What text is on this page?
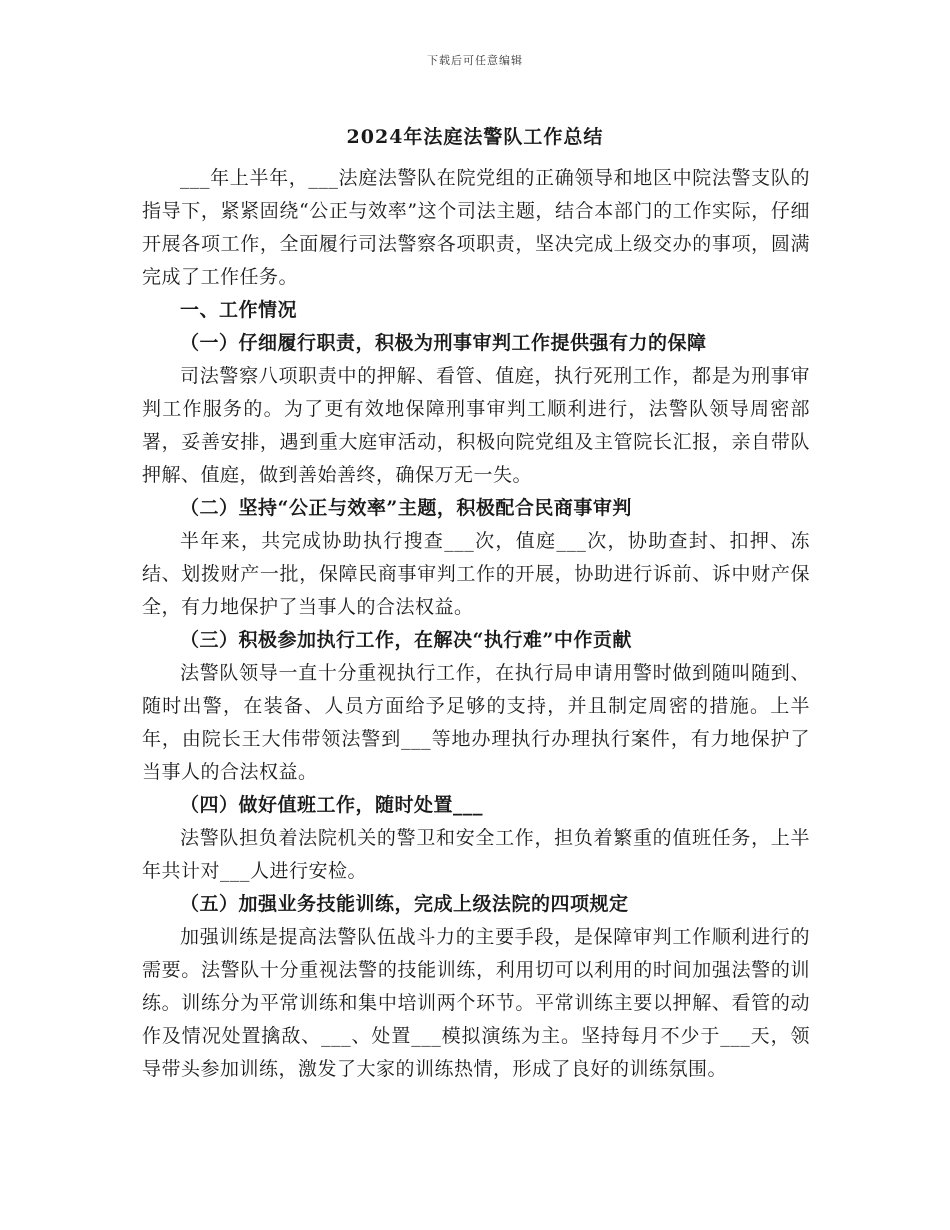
下载后可任意编辑
2024年法庭法警队工作总结

___年上半年，___法庭法警队在院党组的正确领导和地区中院法警支队的指导下，紧紧固绕“公正与效率”这个司法主题，结合本部门的工作实际，仔细开展各项工作，全面履行司法警察各项职责，坚决完成上级交办的事项，圆满完成了工作任务。

一、工作情况

（一）仔细履行职责，积极为刑事审判工作提供强有力的保障

司法警察八项职责中的押解、看管、值庭，执行死刑工作，都是为刑事审判工作服务的。为了更有效地保障刑事审判工顺利进行，法警队领导周密部署，妥善安排，遇到重大庭审活动，积极向院党组及主管院长汇报，亲自带队押解、值庭，做到善始善终，确保万无一失。

（二）坚持“公正与效率”主题，积极配合民商事审判

半年来，共完成协助执行搜查___次，值庭___次，协助查封、扣押、冻结、划拨财产一批，保障民商事审判工作的开展，协助进行诉前、诉中财产保全，有力地保护了当事人的合法权益。

（三）积极参加执行工作，在解决“执行难”中作贡献

法警队领导一直十分重视执行工作，在执行局申请用警时做到随叫随到、随时出警，在装备、人员方面给予足够的支持，并且制定周密的措施。上半年，由院长王大伟带领法警到___等地办理执行办理执行案件，有力地保护了当事人的合法权益。

（四）做好值班工作，随时处置___

法警队担负着法院机关的警卫和安全工作，担负着繁重的值班任务，上半年共计对___人进行安检。

（五）加强业务技能训练，完成上级法院的四项规定

加强训练是提高法警队伍战斗力的主要手段，是保障审判工作顺利进行的需要。法警队十分重视法警的技能训练，利用切可以利用的时间加强法警的训练。训练分为平常训练和集中培训两个环节。平常训练主要以押解、看管的动作及情况处置擒敌、___、处置___模拟演练为主。坚持每月不少于___天，领导带头参加训练，激发了大家的训练热情，形成了良好的训练氛围。
